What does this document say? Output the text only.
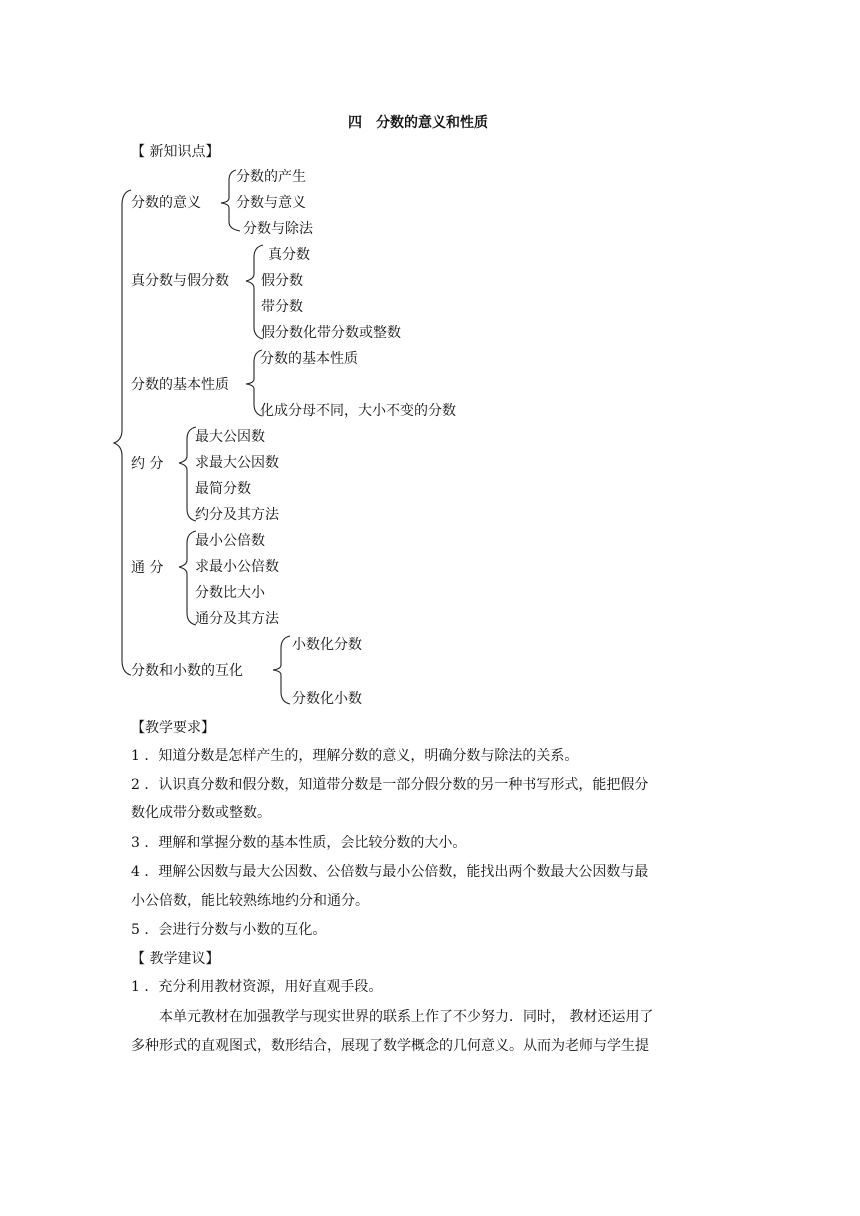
四　分数的意义和性质
【 新知识点】
分数的意义
分数的产生
分数与意义
分数与除法
真分数与假分数
真分数
假分数
带分数
假分数化带分数或整数
分数的基本性质
分数的基本性质
化成分母不同，大小不变的分数
约 分
最大公因数
求最大公因数
最简分数
约分及其方法
通 分
最小公倍数
求最小公倍数
分数比大小
通分及其方法
分数和小数的互化
小数化分数
分数化小数
【教学要求】
1 ．知道分数是怎样产生的，理解分数的意义，明确分数与除法的关系。
2 ．认识真分数和假分数，知道带分数是一部分假分数的另一种书写形式，能把假分
数化成带分数或整数。
3 ．理解和掌握分数的基本性质，会比较分数的大小。
4 ．理解公因数与最大公因数、公倍数与最小公倍数，能找出两个数最大公因数与最
小公倍数，能比较熟练地约分和通分。
5 ．会进行分数与小数的互化。
【 教学建议】
1 ．充分利用教材资源，用好直观手段。
　　本单元教材在加强教学与现实世界的联系上作了不少努力．同时， 教材还运用了
多种形式的直观图式，数形结合，展现了数学概念的几何意义。从而为老师与学生提
